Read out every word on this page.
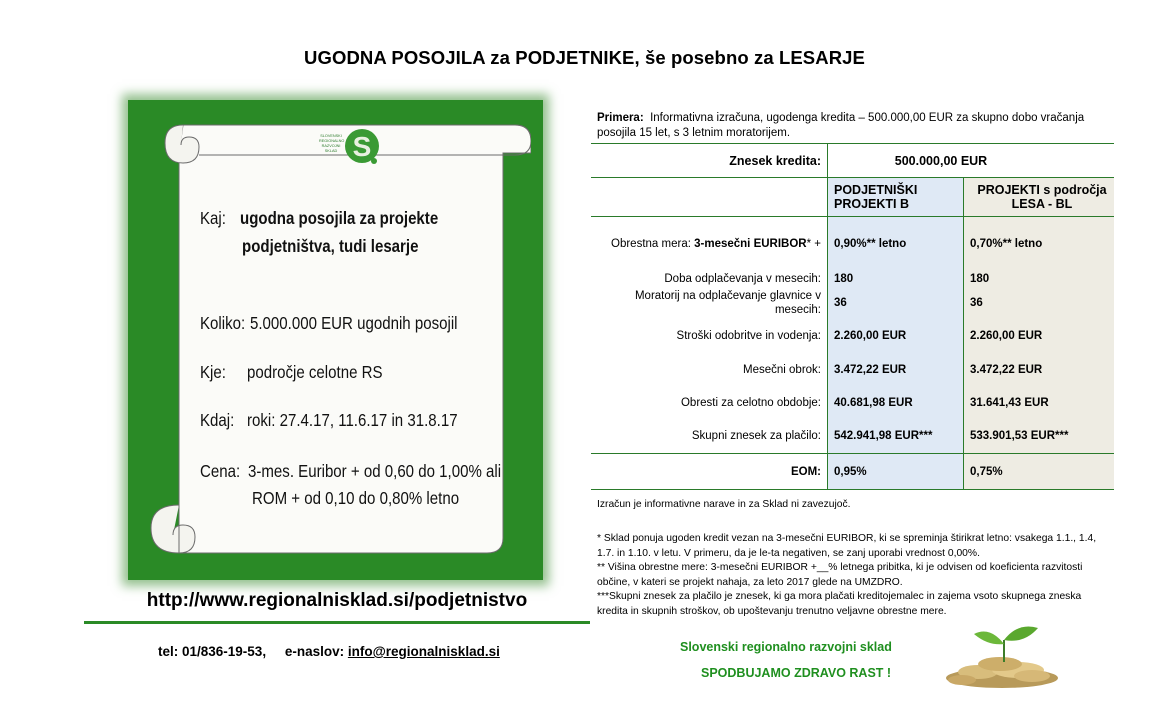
UGODNA POSOJILA za PODJETNIKE, še posebno za LESARJE
S
SLOVENSKI REGIONALNO RAZVOJNI SKLAD
Kaj: ugodna posojila za projekte
podjetništva, tudi lesarje
Koliko: 5.000.000 EUR ugodnih posojil
Kje: področje celotne RS
Kdaj: roki: 27.4.17, 11.6.17 in 31.8.17
Cena: 3-mes. Euribor + od 0,60 do 1,00% ali
ROM + od 0,10 do 0,80% letno
http://www.regionalnisklad.si/podjetnistvo
tel: 01/836-19-53, e-naslov: info@regionalnisklad.si
Primera: Informativna izračuna, ugodenga kredita – 500.000,00 EUR za skupno dobo vračanja posojila 15 let, s 3 letnim moratorijem.
Znesek kredita:	500.000,00 EUR	
	PODJETNIŠKI PROJEKTI B	PROJEKTI s področja LESA - BL
Obrestna mera: 3-mesečni EURIBOR* +	0,90%** letno	0,70%** letno
Doba odplačevanja v mesecih:	180	180
Moratorij na odplačevanje glavnice v mesecih:	36	36
Stroški odobritve in vodenja:	2.260,00 EUR	2.260,00 EUR
Mesečni obrok:	3.472,22 EUR	3.472,22 EUR
Obresti za celotno obdobje:	40.681,98 EUR	31.641,43 EUR
Skupni znesek za plačilo:	542.941,98 EUR***	533.901,53 EUR***
EOM:	0,95%	0,75%
Izračun je informativne narave in za Sklad ni zavezujoč.
* Sklad ponuja ugoden kredit vezan na 3-mesečni EURIBOR, ki se spreminja štirikrat letno: vsakega 1.1., 1.4, 1.7. in 1.10. v letu. V primeru, da je le-ta negativen, se zanj uporabi vrednost 0,00%.
** Višina obrestne mere: 3-mesečni EURIBOR +__% letnega pribitka, ki je odvisen od koeficienta razvitosti občine, v kateri se projekt nahaja, za leto 2017 glede na UMZDRO.
***Skupni znesek za plačilo je znesek, ki ga mora plačati kreditojemalec in zajema vsoto skupnega zneska kredita in skupnih stroškov, ob upoštevanju trenutno veljavne obrestne mere.
Slovenski regionalno razvojni sklad
SPODBUJAMO ZDRAVO RAST !
